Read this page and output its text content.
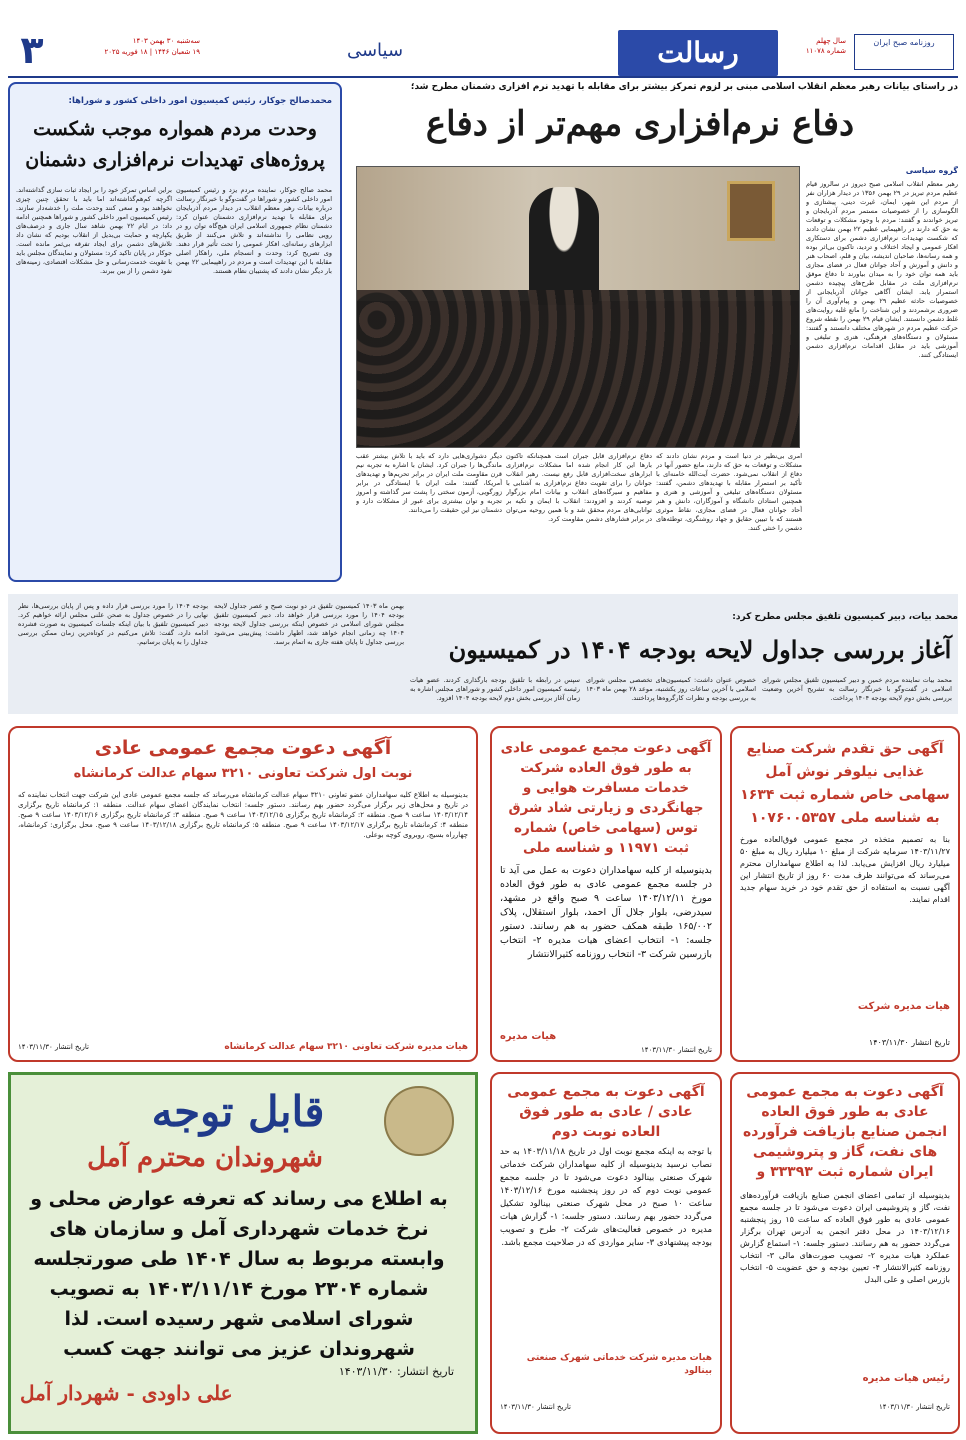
۳	سه‌شنبه ۳۰ بهمن ۱۴۰۳
۱۹ شعبان ۱۴۴۶ | ۱۸ فوریه ۲۰۲۵	سیاسی	رسالت	سال چهلم
شماره ۱۱۰۷۸
روزنامه صبح ایران
در راستای بیانات رهبر معظم انقلاب اسلامی مبنی بر لزوم تمرکز بیشتر برای مقابله با تهدید نرم افزاری دشمنان مطرح شد؛
دفاع نرم‌افزاری مهم‌تر از دفاع
گروه سیاسی
رهبر معظم انقلاب اسلامی صبح دیروز در سالروز قیام عظیم مردم تبریز در ۲۹ بهمن ۱۳۵۶ در دیدار هزاران نفر از مردم این شهر، ایمان، غیرت دینی، پیشتازی و الگوسازی را از خصوصیات مستمر مردم آذربایجان و تبریز خواندند و گفتند: مردم با وجود مشکلات و توقعات به حق که دارند در راهپیمایی عظیم ۲۲ بهمن نشان دادند که شکست تهدیدات نرم‌افزاری دشمن برای دستکاری افکار عمومی و ایجاد اختلاف و تردید، تاکنون بی‌اثر بوده و همه رسانه‌ها، صاحبان اندیشه، بیان و قلم، اصحاب هنر و دانش و آموزش و آحاد جوانان فعال در فضای مجازی باید همه توان خود را به میدان بیاورند تا دفاع موفق نرم‌افزاری ملت در مقابل طرح‌های پیچیده دشمن استمرار یابد. ایشان آگاهی جوانان آذربایجانی از خصوصیات حادثه عظیم ۲۹ بهمن و پیام‌آوری آن را ضروری برشمردند و این شناخت را مانع غلبه روایت‌های غلط دشمن دانستند. ایشان قیام ۲۹ بهمن را نقطه شروع حرکت عظیم مردم در شهرهای مختلف دانستند و گفتند: مسئولان و دستگاه‌های فرهنگی، هنری و تبلیغی و آموزشی باید در مقابل اقدامات نرم‌افزاری دشمن ایستادگی کنند.
امری بی‌نظیر در دنیا است و مردم نشان دادند که مشکلات و توقعات به حق که دارند، مانع حضور آنها در دفاع از انقلاب نمی‌شود. حضرت آیت‌الله خامنه‌ای با تأکید بر استمرار مقابله با تهدیدهای دشمن، گفتند: مسئولان دستگاه‌های تبلیغی و آموزشی و هنری و همچنین استادان دانشگاه و آموزگاران، دانش و هنر آحاد جوانان فعال در فضای مجازی، نقاط موثری هستند که با تبیین حقایق و جهاد روشنگری، توطئه‌های دشمن را خنثی کنند.
دفاع نرم‌افزاری قابل جبران است همچنانکه تاکنون بارها این کار انجام شده اما مشکلات نرم‌افزاری ابزارهای سخت‌افزاری قابل رفع نیست. رهبر انقلاب جوانان را برای تقویت دفاع نرم‌افزاری به آشنایی با مفاهیم و سیرگاه‌های انقلاب و بیانات امام بزرگوار توصیه کردند و افزودند: انقلاب با ایمان و تکیه بر توانایی‌های مردم محقق شد و با همین روحیه می‌توان در برابر فشارهای دشمن مقاومت کرد.
دیگر دشواری‌هایی دارد که باید با تلاش بیشتر عقب ماندگی‌ها را جبران کرد. ایشان با اشاره به تجربه نیم قرن مقاومت ملت ایران در برابر تحریم‌ها و تهدیدهای آمریکا، گفتند: ملت ایران با ایستادگی در برابر زورگویی، آزمون سختی را پشت سر گذاشته و امروز تجربه و توان بیشتری برای عبور از مشکلات دارد و دشمنان نیز این حقیقت را می‌دانند.
محمدصالح جوکار، رئیس کمیسیون امور داخلی کشور و شوراها:
وحدت مردم همواره موجب شکست پروژه‌های تهدیدات نرم‌افزاری دشمنان
محمد صالح جوکار، نماینده مردم یزد و رئیس کمیسیون امور داخلی کشور و شوراها در گفت‌وگو با خبرنگار رسالت درباره بیانات رهبر معظم انقلاب در دیدار مردم آذربایجان برای مقابله با تهدید نرم‌افزاری دشمنان عنوان کرد: دشمنان نظام جمهوری اسلامی ایران هیچ‌گاه توان رو در رویی نظامی را نداشته‌اند و تلاش می‌کنند از طریق ابزارهای رسانه‌ای، افکار عمومی را تحت تأثیر قرار دهند. وی تصریح کرد: وحدت و انسجام ملی، راهکار اصلی مقابله با این تهدیدات است و مردم در راهپیمایی ۲۲ بهمن بار دیگر نشان دادند که پشتیبان نظام هستند.
براین اساس تمرکز خود را بر ایجاد ثبات سازی گذاشته‌اند. اگرچه کم‌هم‌گذاشته‌اند اما باید با تحقق چنین چیزی نخواهند بود و سعی کنند وحدت ملت را خدشه‌دار سازند. رئیس کمیسیون امور داخلی کشور و شوراها همچنین ادامه داد: در ایام ۲۲ بهمن شاهد سال جاری و درصف‌های یکپارچه و حمایت بی‌بدیل از انقلاب بودیم که نشان داد تلاش‌های دشمن برای ایجاد تفرقه بی‌ثمر مانده است. جوکار در پایان تاکید کرد: مسئولان و نمایندگان مجلس باید با تقویت خدمت‌رسانی و حل مشکلات اقتصادی، زمینه‌های نفوذ دشمن را از بین ببرند.
محمد بیات، دبیر کمیسیون تلفیق مجلس مطرح کرد:
آغاز بررسی جداول لایحه بودجه ۱۴۰۴ در کمیسیون
بودجه ۱۴۰۴ را مورد بررسی قرار داده و پس از پایان بررسی‌ها، نظر نهایی را در خصوص جداول به صحن علنی مجلس ارائه خواهیم کرد. دبیر کمیسیون تلفیق با بیان اینکه جلسات کمیسیون به صورت فشرده ادامه دارد، گفت: تلاش می‌کنیم در کوتاه‌ترین زمان ممکن بررسی جداول را به پایان برسانیم.
بهمن ماه ۱۴۰۳ کمیسیون تلفیق در دو نوبت صبح و عصر جداول لایحه بودجه ۱۴۰۴ را مورد بررسی قرار خواهد داد. دبیر کمیسیون تلفیق مجلس شورای اسلامی در خصوص اینکه بررسی جداول لایحه بودجه ۱۴۰۴ چه زمانی انجام خواهد شد، اظهار داشت: پیش‌بینی می‌شود بررسی جداول تا پایان هفته جاری به اتمام برسد.
سپس در رابطه با تلفیق بودجه بارگذاری کردند. عضو هیات رئیسه کمیسیون امور داخلی کشور و شوراهای مجلس اشاره به زمان آغاز بررسی بخش دوم لایحه بودجه ۱۴۰۴ افزود.
خصوص عنوان داشت: کمیسیون‌های تخصصی مجلس شورای اسلامی با آخرین ساعات روز یکشنبه، موعد ۲۸ بهمن ماه ۱۴۰۳ به بررسی بودجه و نظرات کارگروه‌ها پرداختند.
محمد بیات نماینده مردم خمین و دبیر کمیسیون تلفیق مجلس شورای اسلامی در گفت‌وگو با خبرنگار رسالت به تشریح آخرین وضعیت بررسی بخش دوم لایحه بودجه ۱۴۰۴ پرداخت.
آگهی حق تقدم شرکت صنایع غذایی نیلوفر نوش آمل سهامی خاص شماره ثبت ۱۶۳۴ به شناسه ملی ۱۰۷۶۰۰۵۳۵۷
بنا به تصمیم متخذه در مجمع عمومی فوق‌العاده مورخ ۱۴۰۳/۱۱/۲۷ سرمایه شرکت از مبلغ ۱۰ میلیارد ریال به مبلغ ۵۰ میلیارد ریال افزایش می‌یابد. لذا به اطلاع سهامداران محترم می‌رساند که می‌توانند ظرف مدت ۶۰ روز از تاریخ انتشار این آگهی نسبت به استفاده از حق تقدم خود در خرید سهام جدید اقدام نمایند.
هیات مدیره شرکت
تاریخ انتشار ۱۴۰۳/۱۱/۳۰
آگهی دعوت مجمع عمومی عادی به طور فوق العاده شرکت خدمات مسافرت هوایی و جهانگردی و زیارتی شاد شرق توس (سهامی خاص) شماره ثبت ۱۱۹۷۱ و شناسه ملی
بدینوسیله از کلیه سهامداران دعوت به عمل می آید تا در جلسه مجمع عمومی عادی به طور فوق العاده مورخ ۱۴۰۳/۱۲/۱۱ ساعت ۹ صبح واقع در مشهد، سیدرضی، بلوار جلال آل احمد، بلوار استقلال، پلاک ۱۶۵/۰۰۲ طبقه همکف حضور به هم رسانند. دستور جلسه: ۱- انتخاب اعضای هیات مدیره ۲- انتخاب بازرسین شرکت ۳- انتخاب روزنامه کثیرالانتشار
هیات مدیره
تاریخ انتشار ۱۴۰۳/۱۱/۳۰
آگهی دعوت مجمع عمومی عادی
نوبت اول شرکت تعاونی ۳۲۱۰ سهام عدالت کرمانشاه
بدینوسیله به اطلاع کلیه سهامداران عضو تعاونی ۳۲۱۰ سهام عدالت کرمانشاه می‌رساند که جلسه مجمع عمومی عادی این شرکت جهت انتخاب نماینده که در تاریخ و محل‌های زیر برگزار می‌گردد حضور بهم رسانند. دستور جلسه: انتخاب نمایندگان اعضای سهام عدالت. منطقه ۱: کرمانشاه تاریخ برگزاری ۱۴۰۳/۱۲/۱۴ ساعت ۹ صبح. منطقه ۲: کرمانشاه تاریخ برگزاری ۱۴۰۳/۱۲/۱۵ ساعت ۹ صبح. منطقه ۳: کرمانشاه تاریخ برگزاری ۱۴۰۳/۱۲/۱۶ ساعت ۹ صبح. منطقه ۴: کرمانشاه تاریخ برگزاری ۱۴۰۳/۱۲/۱۷ ساعت ۹ صبح. منطقه ۵: کرمانشاه تاریخ برگزاری ۱۴۰۳/۱۲/۱۸ ساعت ۹ صبح. محل برگزاری: کرمانشاه، چهارراه بسیج، روبروی کوچه بوعلی.
هیات مدیره شرکت تعاونی ۳۲۱۰ سهام عدالت کرمانشاه
تاریخ انتشار ۱۴۰۳/۱۱/۳۰
آگهی دعوت به مجمع عمومی عادی به طور فوق العاده انجمن صنایع بازیافت فرآورده های نفت، گاز و پتروشیمی ایران شماره ثبت ۳۳۳۹۳ و
بدینوسیله از تمامی اعضای انجمن صنایع بازیافت فرآورده‌های نفت، گاز و پتروشیمی ایران دعوت می‌شود تا در جلسه مجمع عمومی عادی به طور فوق العاده که ساعت ۱۵ روز پنجشنبه ۱۴۰۳/۱۲/۱۶ در محل دفتر انجمن به آدرس تهران برگزار می‌گردد حضور به هم رسانند. دستور جلسه: ۱- استماع گزارش عملکرد هیات مدیره ۲- تصویب صورت‌های مالی ۳- انتخاب روزنامه کثیرالانتشار ۴- تعیین بودجه و حق عضویت ۵- انتخاب بازرس اصلی و علی البدل
رئیس هیات مدیره
تاریخ انتشار ۱۴۰۳/۱۱/۳۰
آگهی دعوت به مجمع عمومی عادی / عادی به طور فوق العاده نوبت دوم
با توجه به اینکه مجمع نوبت اول در تاریخ ۱۴۰۳/۱۱/۱۸ به حد نصاب نرسید بدینوسیله از کلیه سهامداران شرکت خدماتی شهرک صنعتی بینالود دعوت می‌شود تا در جلسه مجمع عمومی نوبت دوم که در روز پنجشنبه مورخ ۱۴۰۳/۱۲/۱۶ ساعت ۱۰ صبح در محل شهرک صنعتی بینالود تشکیل می‌گردد حضور بهم رسانند. دستور جلسه: ۱- گزارش هیات مدیره در خصوص فعالیت‌های شرکت ۲- طرح و تصویب بودجه پیشنهادی ۳- سایر مواردی که در صلاحیت مجمع باشد.
هیات مدیره شرکت خدماتی شهرک صنعتی بینالود
تاریخ انتشار ۱۴۰۳/۱۱/۳۰
قابل توجه
شهروندان محترم آمل
به اطلاع می رساند که تعرفه عوارض محلی و نرخ خدمات شهرداری آمل و سازمان های وابسته مربوط به سال ۱۴۰۴ طی صورتجلسه شماره ۲۳۰۴ مورخ ۱۴۰۳/۱۱/۱۴ به تصویب شورای اسلامی شهر رسیده است. لذا شهروندان عزیز می توانند جهت کسب
تاریخ انتشار: ۱۴۰۳/۱۱/۳۰
علی داودی - شهردار آمل
